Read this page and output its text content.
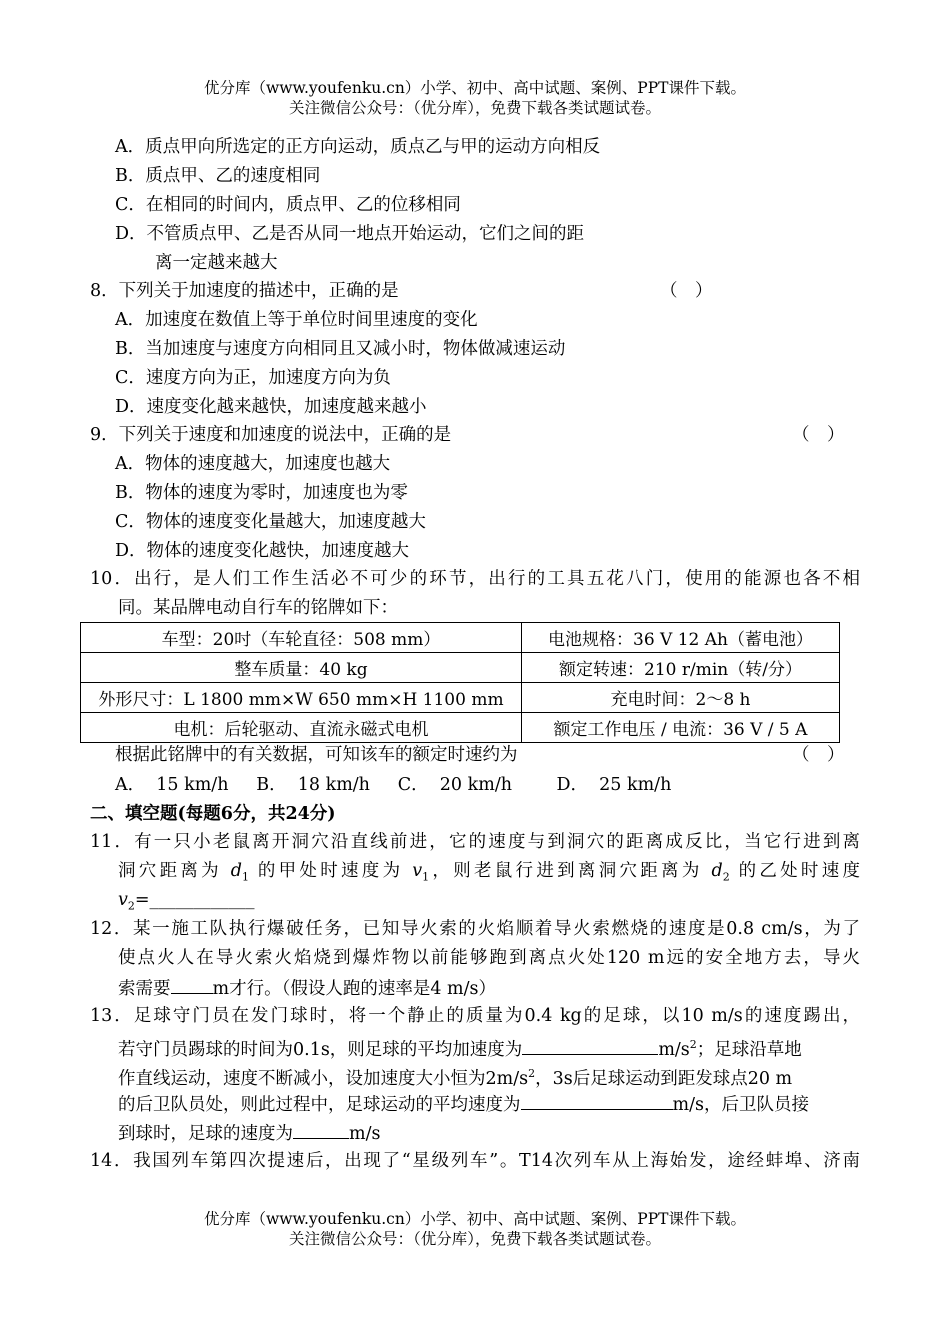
优分库（www.youfenku.cn）小学、初中、高中试题、案例、PPT课件下载。
关注微信公众号：（优分库），免费下载各类试题试卷。
A．质点甲向所选定的正方向运动，质点乙与甲的运动方向相反
B．质点甲、乙的速度相同
C．在相同的时间内，质点甲、乙的位移相同
D．不管质点甲、乙是否从同一地点开始运动，它们之间的距
离一定越来越大
8．下列关于加速度的描述中，正确的是	（　）
A．加速度在数值上等于单位时间里速度的变化
B．当加速度与速度方向相同且又减小时，物体做减速运动
C．速度方向为正，加速度方向为负
D．速度变化越来越快，加速度越来越小
9．下列关于速度和加速度的说法中，正确的是	（　）
A．物体的速度越大，加速度也越大
B．物体的速度为零时，加速度也为零
C．物体的速度变化量越大，加速度越大
D．物体的速度变化越快，加速度越大
10．出行，是人们工作生活必不可少的环节，出行的工具五花八门，使用的能源也各不相
同。某品牌电动自行车的铭牌如下：
车型：20吋（车轮直径：508 mm）	电池规格：36 V 12 Ah（蓄电池）
整车质量：40 kg	额定转速：210 r/min（转/分）
外形尺寸：L 1800 mm×W 650 mm×H 1100 mm	充电时间：2～8 h
电机：后轮驱动、直流永磁式电机	额定工作电压 / 电流：36 V / 5 A
根据此铭牌中的有关数据，可知该车的额定时速约为	（　）
A．  15 km/h     B．  18 km/h     C．  20 km/h        D．  25 km/h
二、填空题(每题6分，共24分)
11．有一只小老鼠离开洞穴沿直线前进，它的速度与到洞穴的距离成反比，当它行进到离
洞穴距离为 $d_1$ 的甲处时速度为 $v_1$，则老鼠行进到离洞穴距离为 $d_2$ 的乙处时速度
$v_2=\_\_\_\_\_\_\_\_\_\_\_\_$
12．某一施工队执行爆破任务，已知导火索的火焰顺着导火索燃烧的速度是0.8 cm/s，为了
使点火人在导火索火焰烧到爆炸物以前能够跑到离点火处120 m远的安全地方去，导火
索需要 m才行。（假设人跑的速率是4 m/s）
13．足球守门员在发门球时，将一个静止的质量为0.4 kg的足球，以10 m/s的速度踢出，
若守门员踢球的时间为0.1s，则足球的平均加速度为	$m/s^2$；足球沿草地
作直线运动，速度不断减小，设加速度大小恒为$2m/s^2$，3s后足球运动到距发球点20 m
的后卫队员处，则此过程中，足球运动的平均速度为	m/s，后卫队员接
到球时，足球的速度为	m/s
14．我国列车第四次提速后，出现了“星级列车”。T14次列车从上海始发，途经蚌埠、济南
优分库（www.youfenku.cn）小学、初中、高中试题、案例、PPT课件下载。
关注微信公众号：（优分库），免费下载各类试题试卷。
